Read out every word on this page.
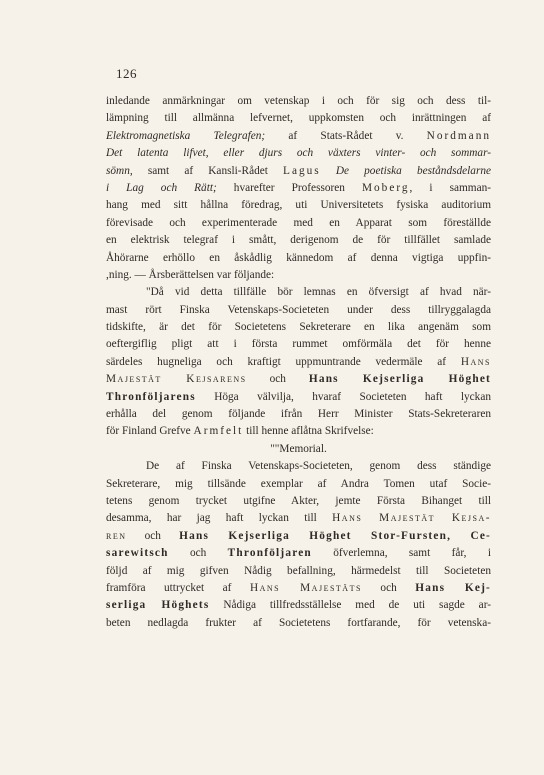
126
inledande anmärkningar om vetenskap i och för sig och dess til-
lämpning till allmänna lefvernet, uppkomsten och inrättningen af
Elektromagnetiska Telegrafen; af Stats-Rådet v. Nordmann
Det latenta lifvet, eller djurs och växters vinter- och sommar-
sömn, samt af Kansli-Rådet Lagus De poetiska beståndsdelarne
i Lag och Rätt; hvarefter Professoren Moberg, i samman-
hang med sitt hållna föredrag, uti Universitetets fysiska auditorium
förevisade och experimenterade med en Apparat som föreställde
en elektrisk telegraf i smått, derigenom de för tillfället samlade
Åhörarne erhöllo en åskådlig kännedom af denna vigtiga uppfin-
,ning. — Årsberättelsen var följande:
"Då vid detta tillfälle bör lemnas en öfversigt af hvad när-
mast rört Finska Vetenskaps-Societeten under dess tillryggalagda
tidskifte, är det för Societetens Sekreterare en lika angenäm som
oeftergiflig pligt att i första rummet omförmäla det för henne
särdeles hugneliga och kraftigt uppmuntrande vedermäle af Hans
Majestät Kejsarens och Hans Kejserliga Höghet
Thronföljarens Höga välvilja, hvaraf Societeten haft lyckan
erhålla del genom följande ifrån Herr Minister Stats-Sekreteraren
för Finland Grefve Armfelt till henne aflåtna Skrifvelse:
""Memorial.
De af Finska Vetenskaps-Societeten, genom dess ständige
Sekreterare, mig tillsände exemplar af Andra Tomen utaf Socie-
tetens genom trycket utgifne Akter, jemte Första Bihanget till
desamma, har jag haft lyckan till Hans Majestät Kejsa-
ren och Hans Kejserliga Höghet Stor-Fursten, Ce-
sarewitsch och Thronföljaren öfverlemna, samt får, i
följd af mig gifven Nådig befallning, härmedelst till Societeten
framföra uttrycket af Hans Majestäts och Hans Kej-
serliga Höghets Nådiga tillfredsställelse med de uti sagde ar-
beten nedlagda frukter af Societetens fortfarande, för vetenska-
